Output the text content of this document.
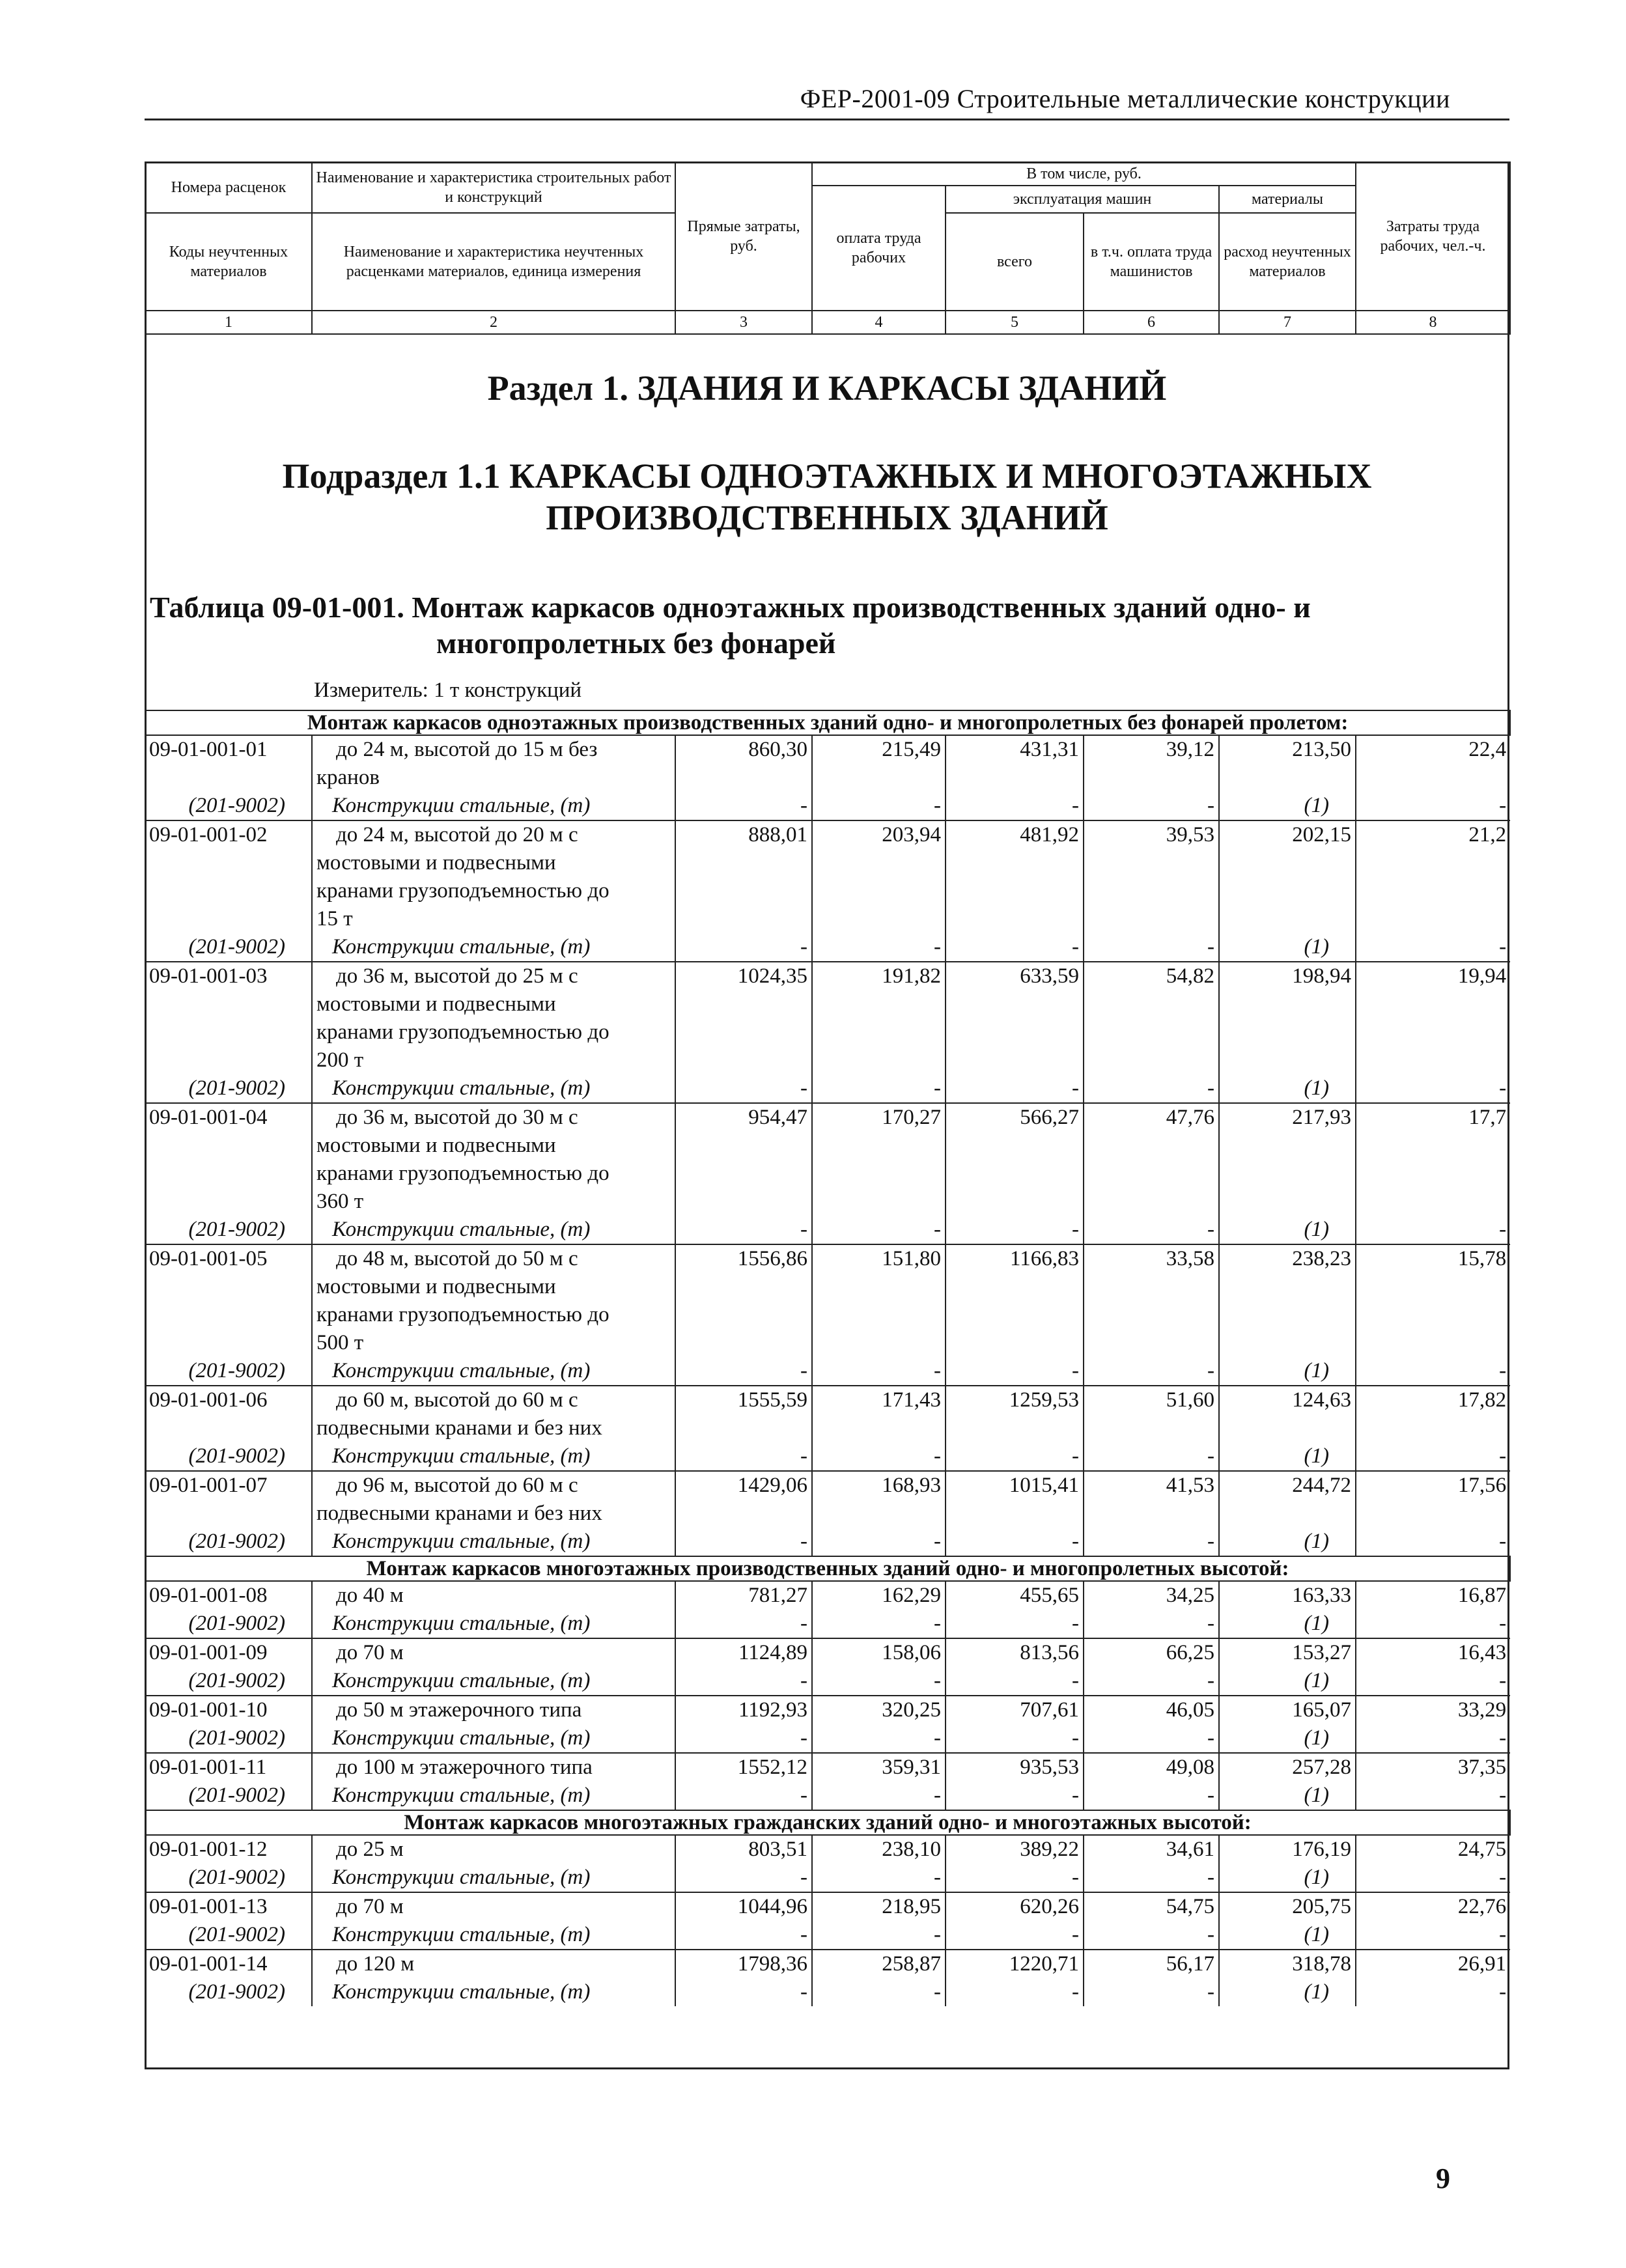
ФЕР-2001-09 Строительные металлические конструкции
Номера расценок	Наименование и характеристика строительных работ и конструкций	Прямые затраты, руб.	В том числе, руб.				Затраты труда рабочих, чел.-ч.
			оплата труда рабочих	эксплуатация машин		материалы	
Коды неучтенных материалов	Наименование и характеристика неучтенных расценками материалов, единица измерения			всего	в т.ч. оплата труда машинистов	расход неучтенных материалов	
1	2	3	4	5	6	7	8
Раздел 1. ЗДАНИЯ И КАРКАСЫ ЗДАНИЙ
Подраздел 1.1 КАРКАСЫ ОДНОЭТАЖНЫХ И МНОГОЭТАЖНЫХ
ПРОИЗВОДСТВЕННЫХ ЗДАНИЙ
Таблица 09-01-001. Монтаж каркасов одноэтажных производственных зданий одно- и
многопролетных без фонарей
Измеритель: 1 т конструкций
Монтаж каркасов одноэтажных производственных зданий одно- и многопролетных без фонарей пролетом:							
09-01-001-01	до 24 м, высотой до 15 м без
кранов	860,30	215,49	431,31	39,12	213,50	22,4
(201-9002)	Конструкции стальные, (т)	-	-	-	-	(1)	-
09-01-001-02	до 24 м, высотой до 20 м с
мостовыми и подвесными
кранами грузоподъемностью до
15 т	888,01	203,94	481,92	39,53	202,15	21,2
(201-9002)	Конструкции стальные, (т)	-	-	-	-	(1)	-
09-01-001-03	до 36 м, высотой до 25 м с
мостовыми и подвесными
кранами грузоподъемностью до
200 т	1024,35	191,82	633,59	54,82	198,94	19,94
(201-9002)	Конструкции стальные, (т)	-	-	-	-	(1)	-
09-01-001-04	до 36 м, высотой до 30 м с
мостовыми и подвесными
кранами грузоподъемностью до
360 т	954,47	170,27	566,27	47,76	217,93	17,7
(201-9002)	Конструкции стальные, (т)	-	-	-	-	(1)	-
09-01-001-05	до 48 м, высотой до 50 м с
мостовыми и подвесными
кранами грузоподъемностью до
500 т	1556,86	151,80	1166,83	33,58	238,23	15,78
(201-9002)	Конструкции стальные, (т)	-	-	-	-	(1)	-
09-01-001-06	до 60 м, высотой до 60 м с
подвесными кранами и без них	1555,59	171,43	1259,53	51,60	124,63	17,82
(201-9002)	Конструкции стальные, (т)	-	-	-	-	(1)	-
09-01-001-07	до 96 м, высотой до 60 м с
подвесными кранами и без них	1429,06	168,93	1015,41	41,53	244,72	17,56
(201-9002)	Конструкции стальные, (т)	-	-	-	-	(1)	-
Монтаж каркасов многоэтажных производственных зданий одно- и многопролетных высотой:							
09-01-001-08	до 40 м	781,27	162,29	455,65	34,25	163,33	16,87
(201-9002)	Конструкции стальные, (т)	-	-	-	-	(1)	-
09-01-001-09	до 70 м	1124,89	158,06	813,56	66,25	153,27	16,43
(201-9002)	Конструкции стальные, (т)	-	-	-	-	(1)	-
09-01-001-10	до 50 м этажерочного типа	1192,93	320,25	707,61	46,05	165,07	33,29
(201-9002)	Конструкции стальные, (т)	-	-	-	-	(1)	-
09-01-001-11	до 100 м этажерочного типа	1552,12	359,31	935,53	49,08	257,28	37,35
(201-9002)	Конструкции стальные, (т)	-	-	-	-	(1)	-
Монтаж каркасов многоэтажных гражданских зданий одно- и многоэтажных высотой:							
09-01-001-12	до 25 м	803,51	238,10	389,22	34,61	176,19	24,75
(201-9002)	Конструкции стальные, (т)	-	-	-	-	(1)	-
09-01-001-13	до 70 м	1044,96	218,95	620,26	54,75	205,75	22,76
(201-9002)	Конструкции стальные, (т)	-	-	-	-	(1)	-
09-01-001-14	до 120 м	1798,36	258,87	1220,71	56,17	318,78	26,91
(201-9002)	Конструкции стальные, (т)	-	-	-	-	(1)	-
9
